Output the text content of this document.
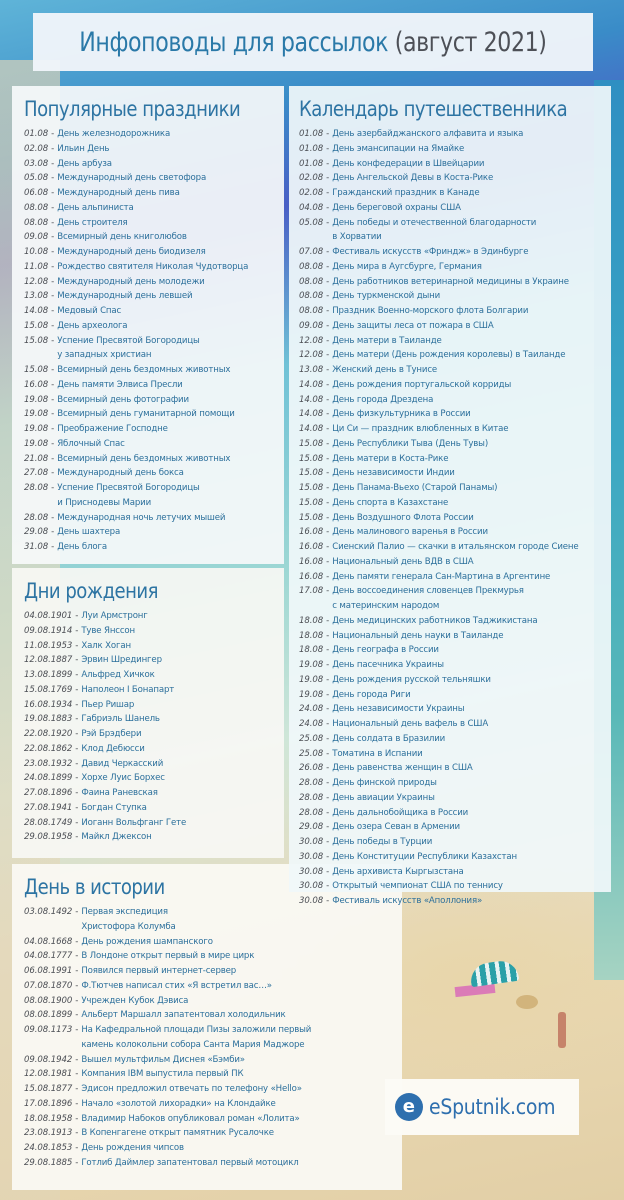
Инфоповоды для рассылок (август 2021)
Популярные праздники
01.08 - День железнодорожника
02.08 - Ильин День
03.08 - День арбуза
05.08 - Международный день светофора
06.08 - Международный день пива
08.08 - День альпиниста
08.08 - День строителя
09.08 - Всемирный день книголюбов
10.08 - Международный день биодизеля
11.08 - Рождество святителя Николая Чудотворца
12.08 - Международный день молодежи
13.08 - Международный день левшей
14.08 - Медовый Спас
15.08 - День археолога
15.08 - Успение Пресвятой Богородицы
у западных христиан
15.08 - Всемирный день бездомных животных
16.08 - День памяти Элвиса Пресли
19.08 - Всемирный день фотографии
19.08 - Всемирный день гуманитарной помощи
19.08 - Преображение Господне
19.08 - Яблочный Спас
21.08 - Всемирный день бездомных животных
27.08 - Международный день бокса
28.08 - Успение Пресвятой Богородицы
и Приснодевы Марии
28.08 - Международная ночь летучих мышей
29.08 - День шахтера
31.08 - День блога
Дни рождения
04.08.1901 - Луи Армстронг
09.08.1914 - Туве Янссон
11.08.1953 - Халк Хоган
12.08.1887 - Эрвин Шредингер
13.08.1899 - Альфред Хичкок
15.08.1769 - Наполеон I Бонапарт
16.08.1934 - Пьер Ришар
19.08.1883 - Габриэль Шанель
22.08.1920 - Рэй Брэдбери
22.08.1862 - Клод Дебюсси
23.08.1932 - Давид Черкасский
24.08.1899 - Хорхе Луис Борхес
27.08.1896 - Фаина Раневская
27.08.1941 - Богдан Ступка
28.08.1749 - Иоганн Вольфганг Гете
29.08.1958 - Майкл Джексон
День в истории
03.08.1492 - Первая экспедиция
Христофора Колумба
04.08.1668 - День рождения шампанского
04.08.1777 - В Лондоне открыт первый в мире цирк
06.08.1991 - Появился первый интернет-сервер
07.08.1870 - Ф.Тютчев написал стих «Я встретил вас…»
08.08.1900 - Учрежден Кубок Дэвиса
08.08.1899 - Альберт Маршалл запатентовал холодильник
09.08.1173 - На Кафедральной площади Пизы заложили первый
камень колокольни собора Санта Мария Маджоре
09.08.1942 - Вышел мультфильм Диснея «Бэмби»
12.08.1981 - Компания IBM выпустила первый ПК
15.08.1877 - Эдисон предложил отвечать по телефону «Hello»
17.08.1896 - Начало «золотой лихорадки» на Клондайке
18.08.1958 - Владимир Набоков опубликовал роман «Лолита»
23.08.1913 - В Копенгагене открыт памятник Русалочке
24.08.1853 - День рождения чипсов
29.08.1885 - Готлиб Даймлер запатентовал первый мотоцикл
Календарь путешественника
01.08 - День азербайджанского алфавита и языка
01.08 - День эмансипации на Ямайке
01.08 - День конфедерации в Швейцарии
02.08 - День Ангельской Девы в Коста-Рике
02.08 - Гражданский праздник в Канаде
04.08 - День береговой охраны США
05.08 - День победы и отечественной благодарности
в Хорватии
07.08 - Фестиваль искусств «Фриндж» в Эдинбурге
08.08 - День мира в Аугсбурге, Германия
08.08 - День работников ветеринарной медицины в Украине
08.08 - День туркменской дыни
08.08 - Праздник Военно-морского флота Болгарии
09.08 - День защиты леса от пожара в США
12.08 - День матери в Таиланде
12.08 - День матери (День рождения королевы) в Таиланде
13.08 - Женский день в Тунисе
14.08 - День рождения португальской корриды
14.08 - День города Дрездена
14.08 - День физкультурника в России
14.08 - Ци Си — праздник влюбленных в Китае
15.08 - День Республики Тыва (День Тувы)
15.08 - День матери в Коста-Рике
15.08 - День независимости Индии
15.08 - День Панама-Вьехо (Старой Панамы)
15.08 - День спорта в Казахстане
15.08 - День Воздушного Флота России
16.08 - День малинового варенья в России
16.08 - Сиенский Палио — скачки в итальянском городе Сиене
16.08 - Национальный день ВДВ в США
16.08 - День памяти генерала Сан-Мартина в Аргентине
17.08 - День воссоединения словенцев Прекмурья
с материнским народом
18.08 - День медицинских работников Таджикистана
18.08 - Национальный день науки в Таиланде
18.08 - День географа в России
19.08 - День пасечника Украины
19.08 - День рождения русской тельняшки
19.08 - День города Риги
24.08 - День независимости Украины
24.08 - Национальный день вафель в США
25.08 - День солдата в Бразилии
25.08 - Томатина в Испании
26.08 - День равенства женщин в США
28.08 - День финской природы
28.08 - День авиации Украины
28.08 - День дальнобойщика в России
29.08 - День озера Севан в Армении
30.08 - День победы в Турции
30.08 - День Конституции Республики Казахстан
30.08 - День архивиста Кыргызстана
30.08 - Открытый чемпионат США по теннису
30.08 - Фестиваль искусств «Аполлония»
e eSputnik.com
